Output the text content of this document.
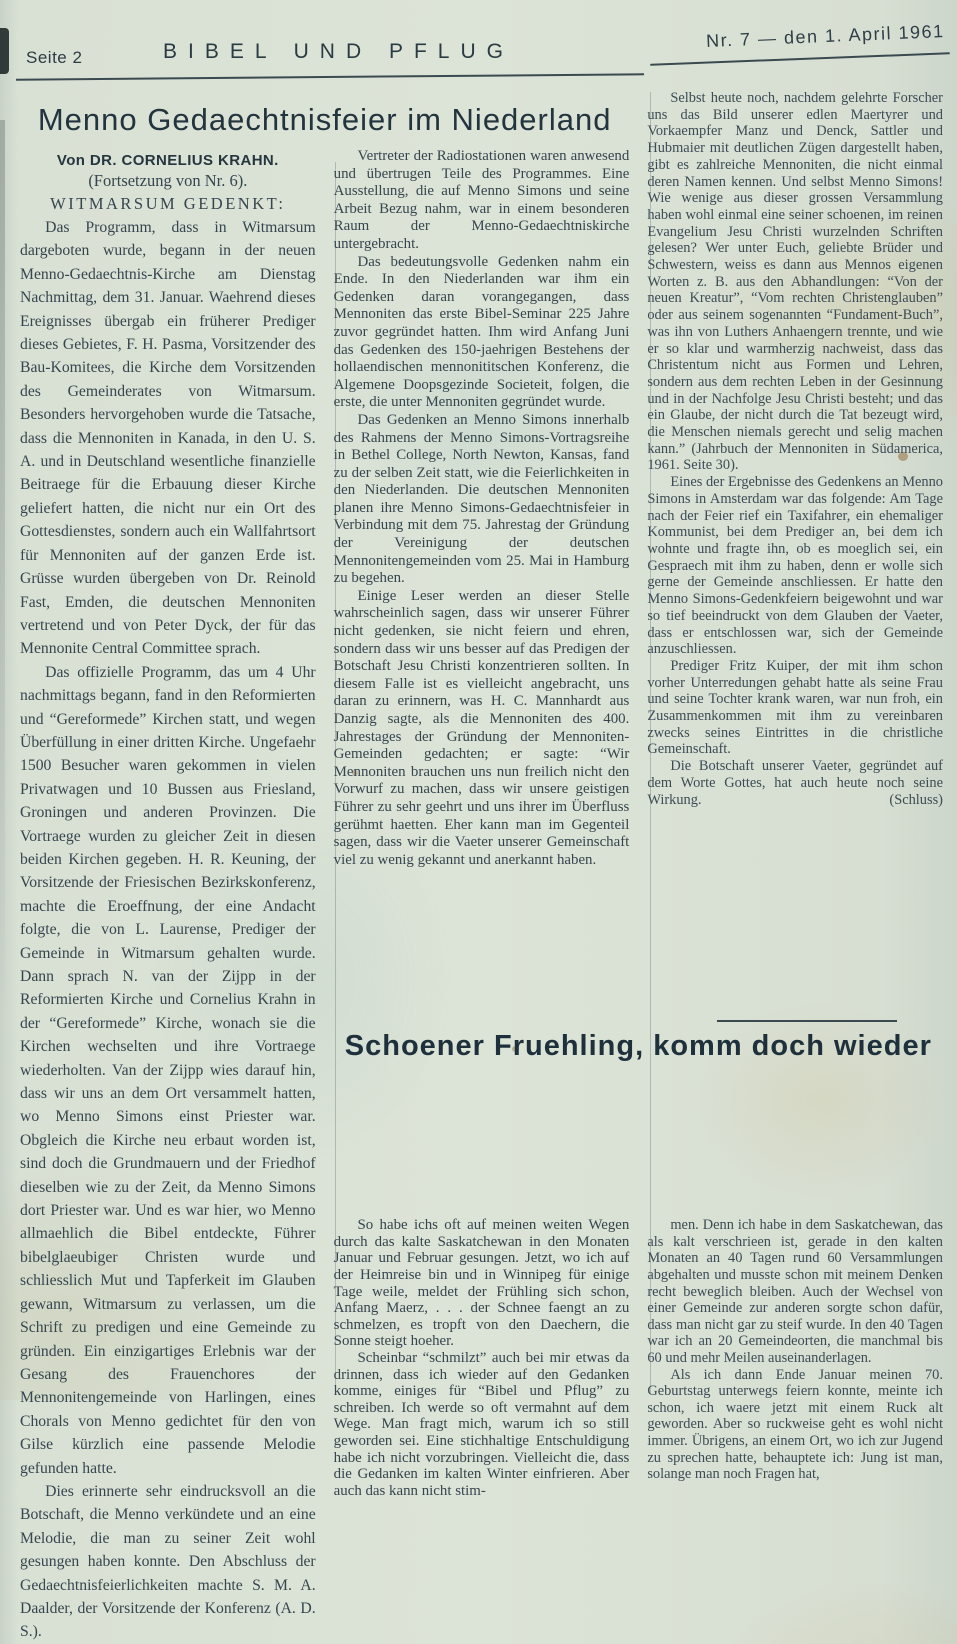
Seite 2	BIBEL UND PFLUG
Nr. 7 — den 1. April 1961
Menno Gedaechtnisfeier im Niederland
Von DR. CORNELIUS KRAHN.
(Fortsetzung von Nr. 6).
WITMARSUM GEDENKT:

Das Programm, dass in Witmarsum dargeboten wurde, begann in der neuen Menno-Gedaechtnis-Kirche am Dienstag Nachmittag, dem 31. Januar. Waehrend dieses Ereignisses übergab ein früherer Prediger dieses Gebietes, F. H. Pasma, Vorsitzender des Bau-Komitees, die Kirche dem Vorsitzenden des Gemeinderates von Witmarsum. Besonders hervorgehoben wurde die Tatsache, dass die Mennoniten in Kanada, in den U. S. A. und in Deutschland wesentliche finanzielle Beitraege für die Erbauung dieser Kirche geliefert hatten, die nicht nur ein Ort des Gottesdienstes, sondern auch ein Wallfahrtsort für Mennoniten auf der ganzen Erde ist. Grüsse wurden übergeben von Dr. Reinold Fast, Emden, die deutschen Mennoniten vertretend und von Peter Dyck, der für das Mennonite Central Committee sprach.

Das offizielle Programm, das um 4 Uhr nachmittags begann, fand in den Reformierten und “Gereformede” Kirchen statt, und wegen Überfüllung in einer dritten Kirche. Ungefaehr 1500 Besucher waren gekommen in vielen Privatwagen und 10 Bussen aus Friesland, Groningen und anderen Provinzen. Die Vortraege wurden zu gleicher Zeit in diesen beiden Kirchen gegeben. H. R. Keuning, der Vorsitzende der Friesischen Bezirkskonferenz, machte die Eroeffnung, der eine Andacht folgte, die von L. Laurense, Prediger der Gemeinde in Witmarsum gehalten wurde. Dann sprach N. van der Zijpp in der Reformierten Kirche und Cornelius Krahn in der “Gereformede” Kirche, wonach sie die Kirchen wechselten und ihre Vortraege wiederholten. Van der Zijpp wies darauf hin, dass wir uns an dem Ort versammelt hatten, wo Menno Simons einst Priester war. Obgleich die Kirche neu erbaut worden ist, sind doch die Grundmauern und der Friedhof dieselben wie zu der Zeit, da Menno Simons dort Priester war. Und es war hier, wo Menno allmaehlich die Bibel entdeckte, Führer bibelglaeubiger Christen wurde und schliesslich Mut und Tapferkeit im Glauben gewann, Witmarsum zu verlassen, um die Schrift zu predigen und eine Gemeinde zu gründen. Ein einzigartiges Erlebnis war der Gesang des Frauenchores der Mennonitengemeinde von Harlingen, eines Chorals von Menno gedichtet für den von Gilse kürzlich eine passende Melodie gefunden hatte.

Dies erinnerte sehr eindrucksvoll an die Botschaft, die Menno verkündete und an eine Melodie, die man zu seiner Zeit wohl gesungen haben konnte. Den Abschluss der Gedaechtnisfeierlichkeiten machte S. M. A. Daalder, der Vorsitzende der Konferenz (A. D. S.).

Vertreter der Radiostationen waren anwesend und übertrugen Teile des Programmes. Eine Ausstellung, die auf Menno Simons und seine Arbeit Bezug nahm, war in einem besonderen Raum der Menno-Gedaechtniskirche untergebracht.

Das bedeutungsvolle Gedenken nahm ein Ende. In den Niederlanden war ihm ein Gedenken daran vorangegangen, dass Mennoniten das erste Bibel-Seminar 225 Jahre zuvor gegründet hatten. Ihm wird Anfang Juni das Gedenken des 150-jaehrigen Bestehens der hollaendischen mennonititschen Konferenz, die Algemene Doopsgezinde Societeit, folgen, die erste, die unter Mennoniten gegründet wurde.

Das Gedenken an Menno Simons innerhalb des Rahmens der Menno Simons-Vortragsreihe in Bethel College, North Newton, Kansas, fand zu der selben Zeit statt, wie die Feierlichkeiten in den Niederlanden. Die deutschen Mennoniten planen ihre Menno Simons-Gedaechtnisfeier in Verbindung mit dem 75. Jahrestag der Gründung der Vereinigung der deutschen Mennonitengemeinden vom 25. Mai in Hamburg zu begehen.

Einige Leser werden an dieser Stelle wahrscheinlich sagen, dass wir unserer Führer nicht gedenken, sie nicht feiern und ehren, sondern dass wir uns besser auf das Predigen der Botschaft Jesu Christi konzentrieren sollten. In diesem Falle ist es vielleicht angebracht, uns daran zu erinnern, was H. C. Mannhardt aus Danzig sagte, als die Mennoniten des 400. Jahrestages der Gründung der Mennoniten-Gemeinden gedachten; er sagte: “Wir Mennoniten brauchen uns nun freilich nicht den Vorwurf zu machen, dass wir unsere geistigen Führer zu sehr geehrt und uns ihrer im Überfluss gerühmt haetten. Eher kann man im Gegenteil sagen, dass wir die Vaeter unserer Gemeinschaft viel zu wenig gekannt und anerkannt haben.

Selbst heute noch, nachdem gelehrte Forscher uns das Bild unserer edlen Maertyrer und Vorkaempfer Manz und Denck, Sattler und Hubmaier mit deutlichen Zügen dargestellt haben, gibt es zahlreiche Mennoniten, die nicht einmal deren Namen kennen. Und selbst Menno Simons! Wie wenige aus dieser grossen Versammlung haben wohl einmal eine seiner schoenen, im reinen Evangelium Jesu Christi wurzelnden Schriften gelesen? Wer unter Euch, geliebte Brüder und Schwestern, weiss es dann aus Mennos eigenen Worten z. B. aus den Abhandlungen: “Von der neuen Kreatur”, “Vom rechten Christenglauben” oder aus seinem sogenannten “Fundament-Buch”, was ihn von Luthers Anhaengern trennte, und wie er so klar und warmherzig nachweist, dass das Christentum nicht aus Formen und Lehren, sondern aus dem rechten Leben in der Gesinnung und in der Nachfolge Jesu Christi besteht; und das ein Glaube, der nicht durch die Tat bezeugt wird, die Menschen niemals gerecht und selig machen kann.” (Jahrbuch der Mennoniten in Südamerica, 1961. Seite 30).

Eines der Ergebnisse des Gedenkens an Menno Simons in Amsterdam war das folgende: Am Tage nach der Feier rief ein Taxifahrer, ein ehemaliger Kommunist, bei dem Prediger an, bei dem ich wohnte und fragte ihn, ob es moeglich sei, ein Gespraech mit ihm zu haben, denn er wolle sich gerne der Gemeinde anschliessen. Er hatte den Menno Simons-Gedenkfeiern beigewohnt und war so tief beeindruckt von dem Glauben der Vaeter, dass er entschlossen war, sich der Gemeinde anzuschliessen.

Prediger Fritz Kuiper, der mit ihm schon vorher Unterredungen gehabt hatte als seine Frau und seine Tochter krank waren, war nun froh, ein Zusammenkommen mit ihm zu vereinbaren zwecks seines Eintrittes in die christliche Gemeinschaft.

Die Botschaft unserer Vaeter, gegründet auf dem Worte Gottes, hat auch heute noch seine Wirkung.	(Schluss)
Schoener Fruehling, komm doch wieder

So habe ichs oft auf meinen weiten Wegen durch das kalte Saskatchewan in den Monaten Januar und Februar gesungen. Jetzt, wo ich auf der Heimreise bin und in Winnipeg für einige Tage weile, meldet der Frühling sich schon, Anfang Maerz, . . . der Schnee faengt an zu schmelzen, es tropft von den Daechern, die Sonne steigt hoeher.

Scheinbar “schmilzt” auch bei mir etwas da drinnen, dass ich wieder auf den Gedanken komme, einiges für “Bibel und Pflug” zu schreiben. Ich werde so oft vermahnt auf dem Wege. Man fragt mich, warum ich so still geworden sei. Eine stichhaltige Entschuldigung habe ich nicht vorzubringen. Vielleicht die, dass die Gedanken im kalten Winter einfrieren. Aber auch das kann nicht stim-

men. Denn ich habe in dem Saskatchewan, das als kalt verschrieen ist, gerade in den kalten Monaten an 40 Tagen rund 60 Versammlungen abgehalten und musste schon mit meinem Denken recht beweglich bleiben. Auch der Wechsel von einer Gemeinde zur anderen sorgte schon dafür, dass man nicht gar zu steif wurde. In den 40 Tagen war ich an 20 Gemeindeorten, die manchmal bis 60 und mehr Meilen auseinanderlagen.

Als ich dann Ende Januar meinen 70. Geburtstag unterwegs feiern konnte, meinte ich schon, ich waere jetzt mit einem Ruck alt geworden. Aber so ruckweise geht es wohl nicht immer. Übrigens, an einem Ort, wo ich zur Jugend zu sprechen hatte, behauptete ich: Jung ist man, solange man noch Fragen hat,
